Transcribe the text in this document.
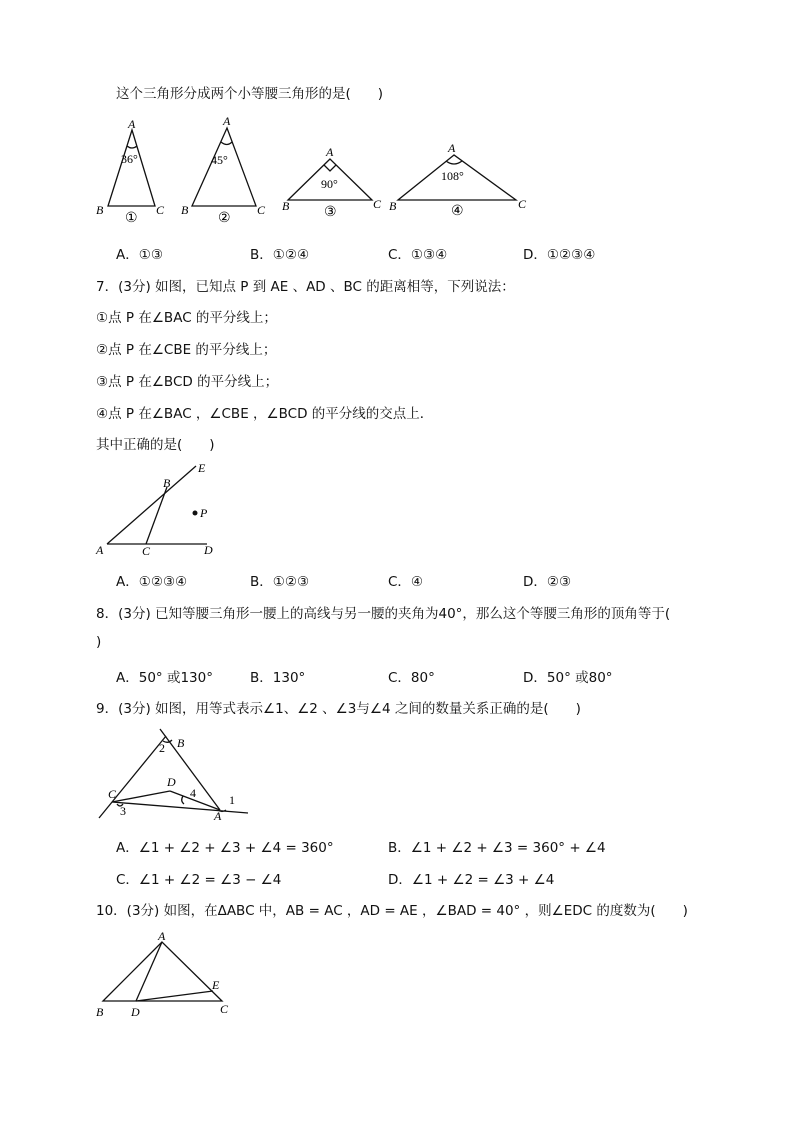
这个三角形分成两个小等腰三角形的是(　　)
A
36°
B	C
①
A
45°
B	C
②
A
90°
B	C
③
A
108°
B	C
④
A．①③	B．①②④	C．①③④	D．①②③④
7．(3分) 如图，已知点 P 到 AE 、AD 、BC 的距离相等，下列说法：
①点 P 在∠BAC 的平分线上；
②点 P 在∠CBE 的平分线上；
③点 P 在∠BCD 的平分线上；
④点 P 在∠BAC ，∠CBE ，∠BCD 的平分线的交点上．
其中正确的是(　　)
E
B
P
A	C	D
A．①②③④	B．①②③	C．④	D．②③
8．(3分) 已知等腰三角形一腰上的高线与另一腰的夹角为40°，那么这个等腰三角形的顶角等于(
)
A．50° 或130°	B．130°	C．80°	D．50° 或80°
9．(3分) 如图，用等式表示∠1、∠2 、∠3与∠4 之间的数量关系正确的是(　　)
B
2
D
4
C
3	A
1
A．∠1 + ∠2 + ∠3 + ∠4 = 360°	B．∠1 + ∠2 + ∠3 = 360° + ∠4
C．∠1 + ∠2 = ∠3 − ∠4	D．∠1 + ∠2 = ∠3 + ∠4
10．(3分) 如图，在ΔABC 中，AB = AC ，AD = AE ，∠BAD = 40° ，则∠EDC 的度数为(　　)
A
E
B D	C
